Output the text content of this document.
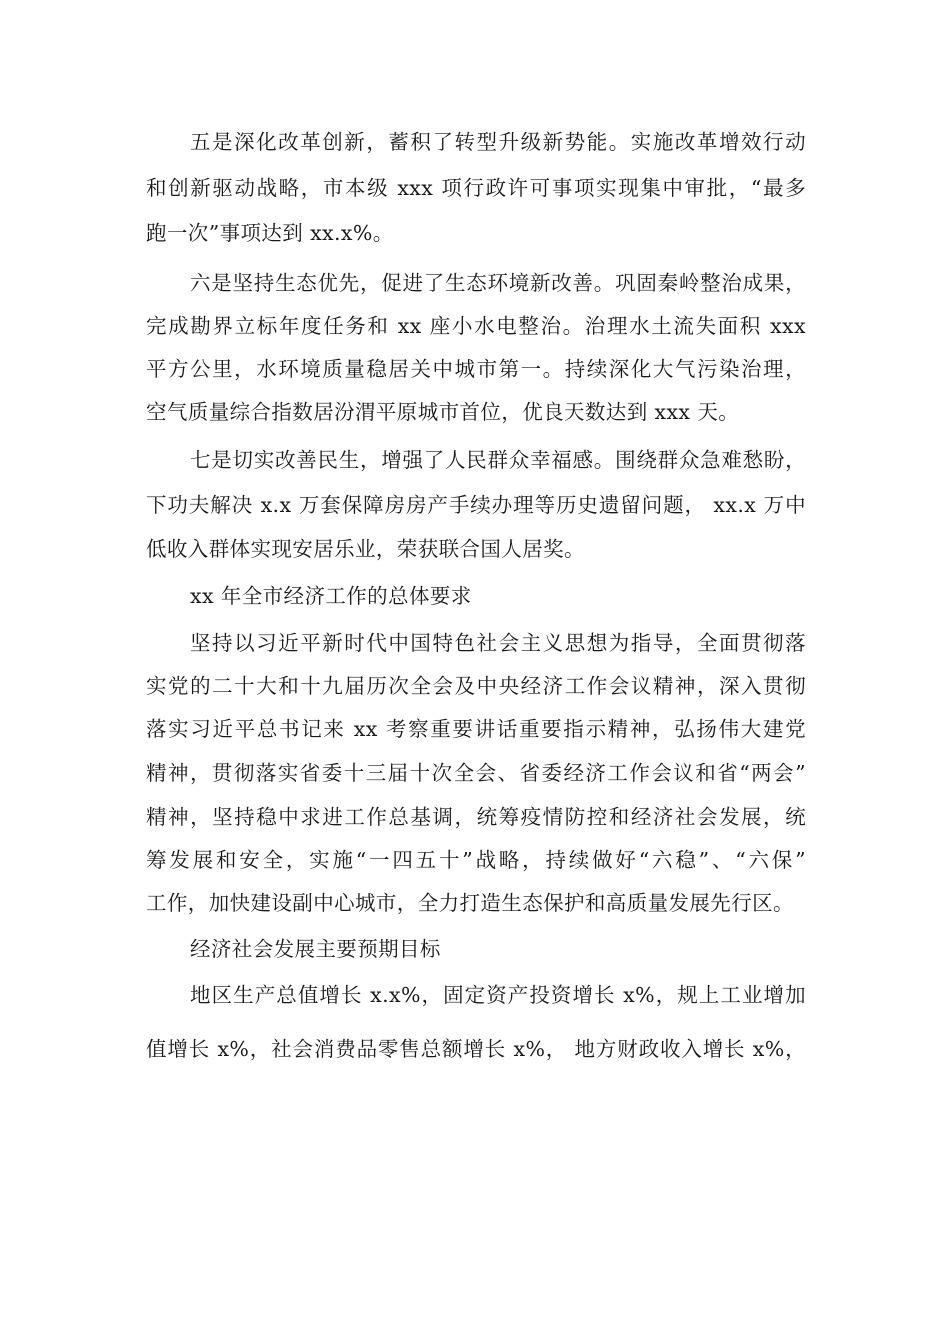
五是深化改革创新，蓄积了转型升级新势能。实施改革增效行动
和创新驱动战略，市本级 xxx 项行政许可事项实现集中审批，“最多
跑一次”事项达到 xx.x%。
六是坚持生态优先，促进了生态环境新改善。巩固秦岭整治成果，
完成勘界立标年度任务和 xx 座小水电整治。治理水土流失面积 xxx
平方公里，水环境质量稳居关中城市第一。持续深化大气污染治理，
空气质量综合指数居汾渭平原城市首位，优良天数达到 xxx 天。
七是切实改善民生，增强了人民群众幸福感。围绕群众急难愁盼，
下功夫解决 x.x 万套保障房房产手续办理等历史遗留问题， xx.x 万中
低收入群体实现安居乐业，荣获联合国人居奖。
xx 年全市经济工作的总体要求
坚持以习近平新时代中国特色社会主义思想为指导，全面贯彻落
实党的二十大和十九届历次全会及中央经济工作会议精神，深入贯彻
落实习近平总书记来 xx 考察重要讲话重要指示精神，弘扬伟大建党
精神，贯彻落实省委十三届十次全会、省委经济工作会议和省“两会”
精神，坚持稳中求进工作总基调，统筹疫情防控和经济社会发展，统
筹发展和安全，实施“一四五十”战略，持续做好“六稳”、“六保”
工作，加快建设副中心城市，全力打造生态保护和高质量发展先行区。
经济社会发展主要预期目标
地区生产总值增长 x.x%，固定资产投资增长 x%，规上工业增加
值增长 x%，社会消费品零售总额增长 x%， 地方财政收入增长 x%，
